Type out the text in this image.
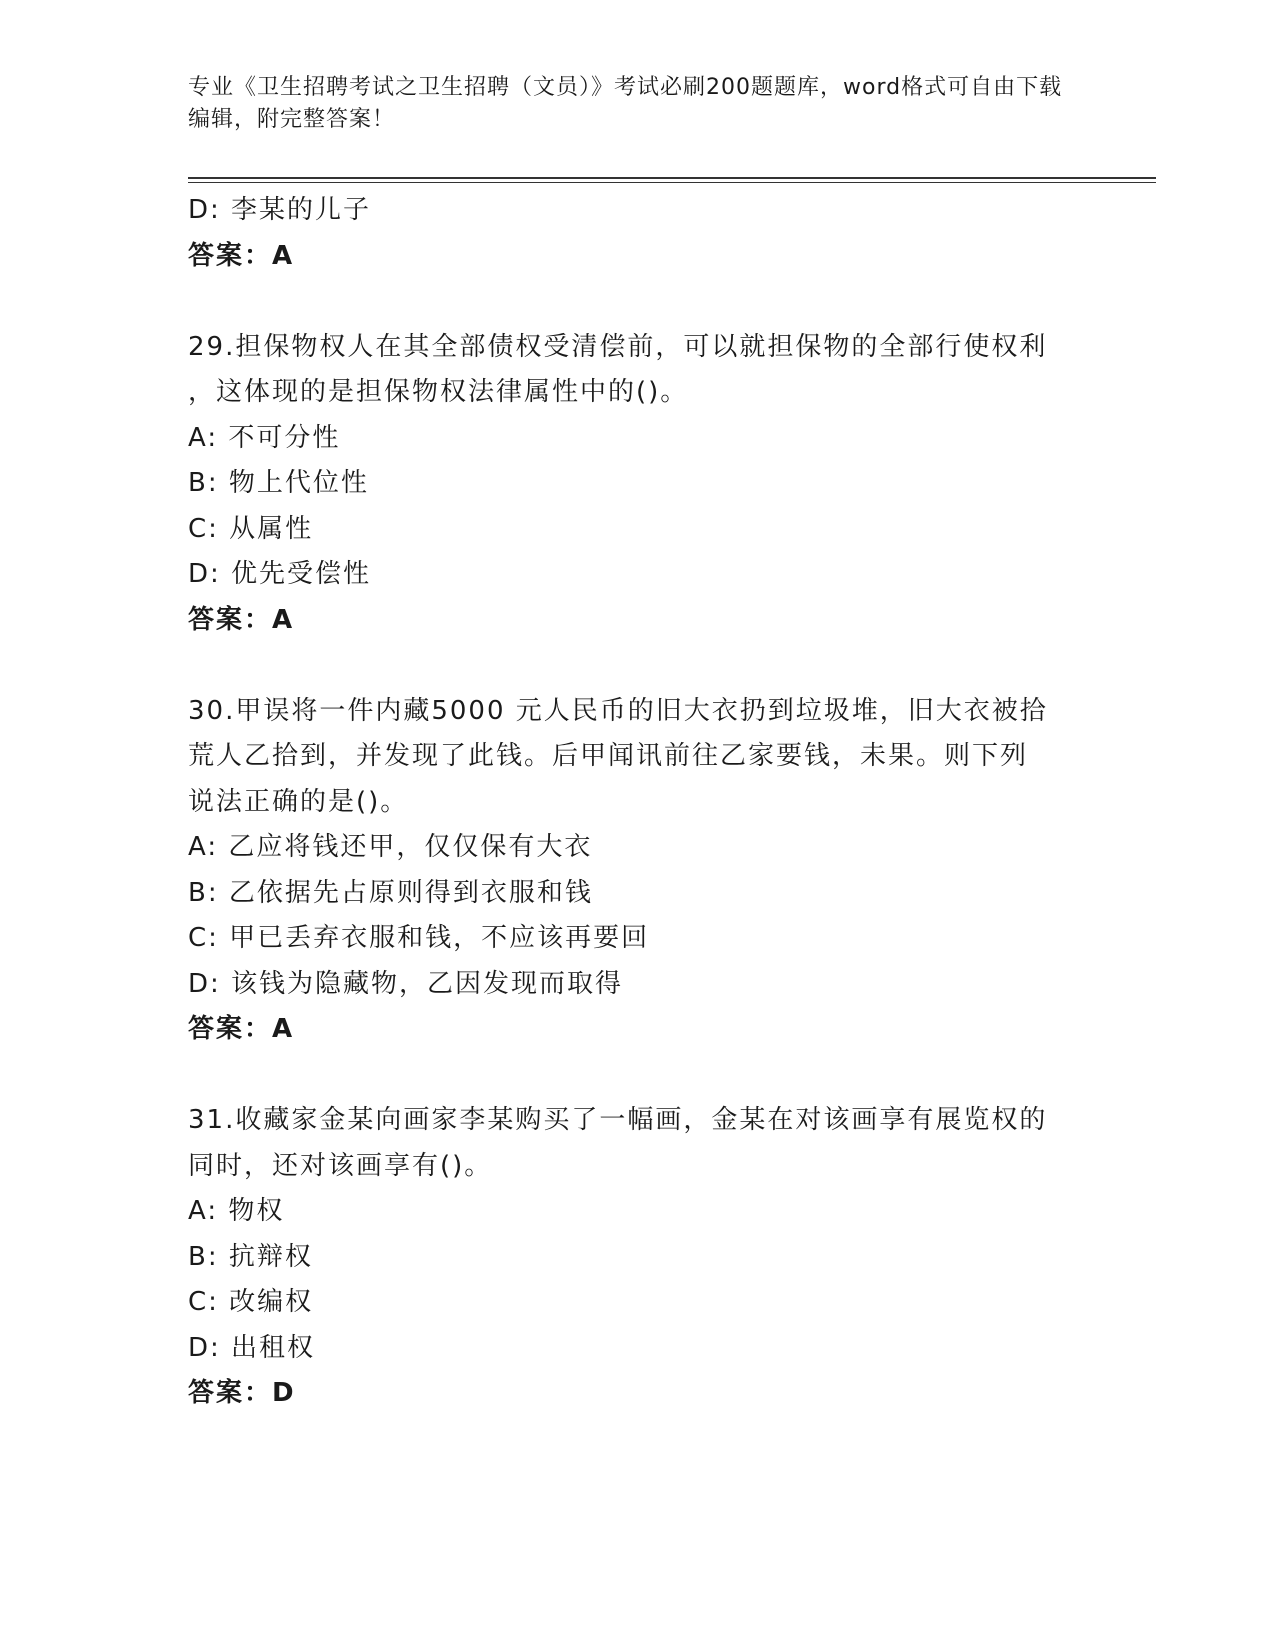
专业《卫生招聘考试之卫生招聘（文员）》考试必刷200题题库，word格式可自由下载编辑，附完整答案！
D: 李某的儿子
答案：A
29.担保物权人在其全部债权受清偿前，可以就担保物的全部行使权利
，这体现的是担保物权法律属性中的()。
A: 不可分性
B: 物上代位性
C: 从属性
D: 优先受偿性
答案：A
30.甲误将一件内藏5000 元人民币的旧大衣扔到垃圾堆，旧大衣被拾
荒人乙拾到，并发现了此钱。后甲闻讯前往乙家要钱，未果。则下列
说法正确的是()。
A: 乙应将钱还甲，仅仅保有大衣
B: 乙依据先占原则得到衣服和钱
C: 甲已丢弃衣服和钱，不应该再要回
D: 该钱为隐藏物，乙因发现而取得
答案：A
31.收藏家金某向画家李某购买了一幅画，金某在对该画享有展览权的
同时，还对该画享有()。
A: 物权
B: 抗辩权
C: 改编权
D: 出租权
答案：D
